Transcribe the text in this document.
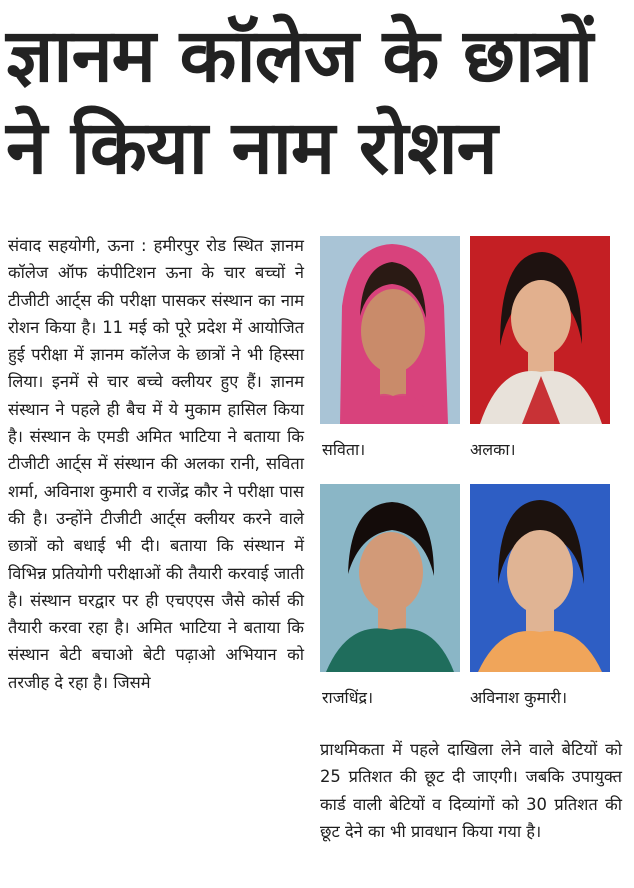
ज्ञानम कॉलेज के छात्रों
ने किया नाम रोशन
संवाद सहयोगी, ऊना : हमीरपुर रोड स्थित ज्ञानम कॉलेज ऑफ कंपीटिशन ऊना के चार बच्चों ने टीजीटी आर्ट्स की परीक्षा पासकर संस्थान का नाम रोशन किया है। 11 मई को पूरे प्रदेश में आयोजित हुई परीक्षा में ज्ञानम कॉलेज के छात्रों ने भी हिस्सा लिया। इनमें से चार बच्चे क्लीयर हुए हैं। ज्ञानम संस्थान ने पहले ही बैच में ये मुकाम हासिल किया है। संस्थान के एमडी अमित भाटिया ने बताया कि टीजीटी आर्ट्स में संस्थान की अलका रानी, सविता शर्मा, अविनाश कुमारी व राजेंद्र कौर ने परीक्षा पास की है। उन्होंने टीजीटी आर्ट्स क्लीयर करने वाले छात्रों को बधाई भी दी। बताया कि संस्थान में विभिन्न प्रतियोगी परीक्षाओं की तैयारी करवाई जाती है। संस्थान घरद्वार पर ही एचएएस जैसे कोर्स की तैयारी करवा रहा है। अमित भाटिया ने बताया कि संस्थान बेटी बचाओ बेटी पढ़ाओ अभियान को तरजीह दे रहा है। जिसमे
सविता।	अलका।
राजधिंद्र।	अविनाश कुमारी।
प्राथमिकता में पहले दाखिला लेने वाले बेटियों को 25 प्रतिशत की छूट दी जाएगी। जबकि उपायुक्त कार्ड वाली बेटियों व दिव्यांगों को 30 प्रतिशत की छूट देने का भी प्रावधान किया गया है।
